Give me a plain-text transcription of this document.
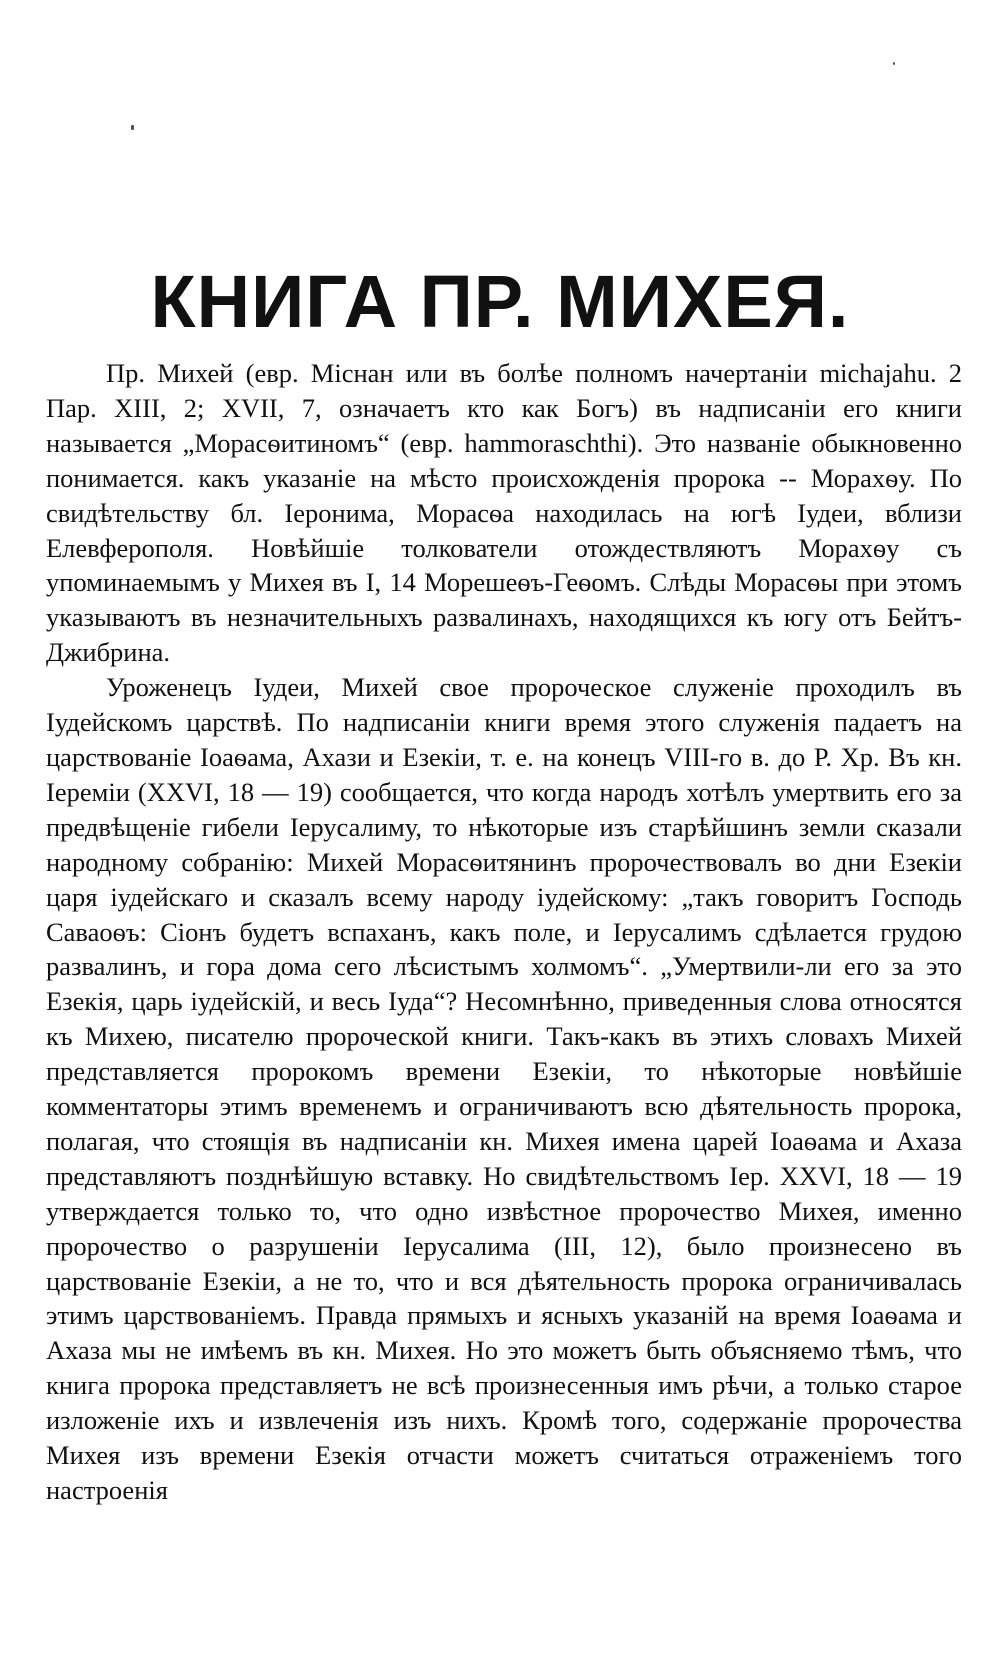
КНИГА ПР. МИХЕЯ.

Пр. Михей (евр. Micнaн или въ болѣе полномъ начертанiи michajahu. 2 Пар. XIII, 2; XVII, 7, означаетъ кто как Богъ) въ надписанiи его книги называется „Морасѳитиномъ“ (евр. hammoraschthi). Это названiе обыкновенно понимается. какъ указанiе на мѣсто происхожденiя пророка -- Морахѳу. По свидѣтельству бл. Iеронима, Морасѳа находилась на югѣ Iудеи, вблизи Елевферополя. Новѣйшiе толкователи отождествляютъ Морахѳу съ упоминаемымъ у Михея въ I, 14 Морешеѳъ-Геѳомъ. Слѣды Морасѳы при этомъ указываютъ въ незначительныхъ развалинахъ, находящихся къ югу отъ Бейтъ-Джибрина.

Уроженецъ Iудеи, Михей свое пророческое служенiе проходилъ въ Iудейскомъ царствѣ. По надписанiи книги время этого служенiя падаетъ на царствованiе Iоаѳама, Ахази и Езекiи, т. е. на конецъ VIII-го в. до Р. Хр. Въ кн. Iеремiи (XXVI, 18 — 19) сообщается, что когда народъ хотѣлъ умертвить его за предвѣщенiе гибели Iерусалиму, то нѣкоторые изъ старѣйшинъ земли сказали народному собранiю: Михей Морасѳитянинъ пророчествовалъ во дни Езекiи царя iудейскаго и сказалъ всему народу iудейскому: „такъ говоритъ Господь Саваоѳъ: Сiонъ будетъ вспаханъ, какъ поле, и Iерусалимъ сдѣлается грудою развалинъ, и гора дома сего лѣсистымъ холмомъ“. „Умертвили-ли его за это Езекiя, царь iудейскiй, и весь Iуда“? Несомнѣнно, приведенныя слова относятся къ Михею, писателю пророческой книги. Такъ-какъ въ этихъ словахъ Михей представляется пророкомъ времени Езекiи, то нѣкоторые новѣйшiе комментаторы этимъ временемъ и ограничиваютъ всю дѣятельность пророка, полагая, что стоящiя въ надписанiи кн. Михея имена царей Iоаѳама и Ахаза представляютъ позднѣйшую вставку. Но свидѣтельствомъ Iер. XXVI, 18 — 19 утверждается только то, что одно извѣстное пророчество Михея, именно пророчество о разрушенiи Iерусалима (III, 12), было произнесено въ царствованiе Езекiи, а не то, что и вся дѣятельность пророка ограничивалась этимъ царствованiемъ. Правда прямыхъ и ясныхъ указанiй на время Iоаѳама и Ахаза мы не имѣемъ въ кн. Михея. Но это можетъ быть объясняемо тѣмъ, что книга пророка представляетъ не всѣ произнесенныя имъ рѣчи, а только старое изложенiе ихъ и извлеченiя изъ нихъ. Кромѣ того, содержанiе пророчества Михея изъ времени Езекiя отчасти можетъ считаться отраженiемъ того настроенiя
